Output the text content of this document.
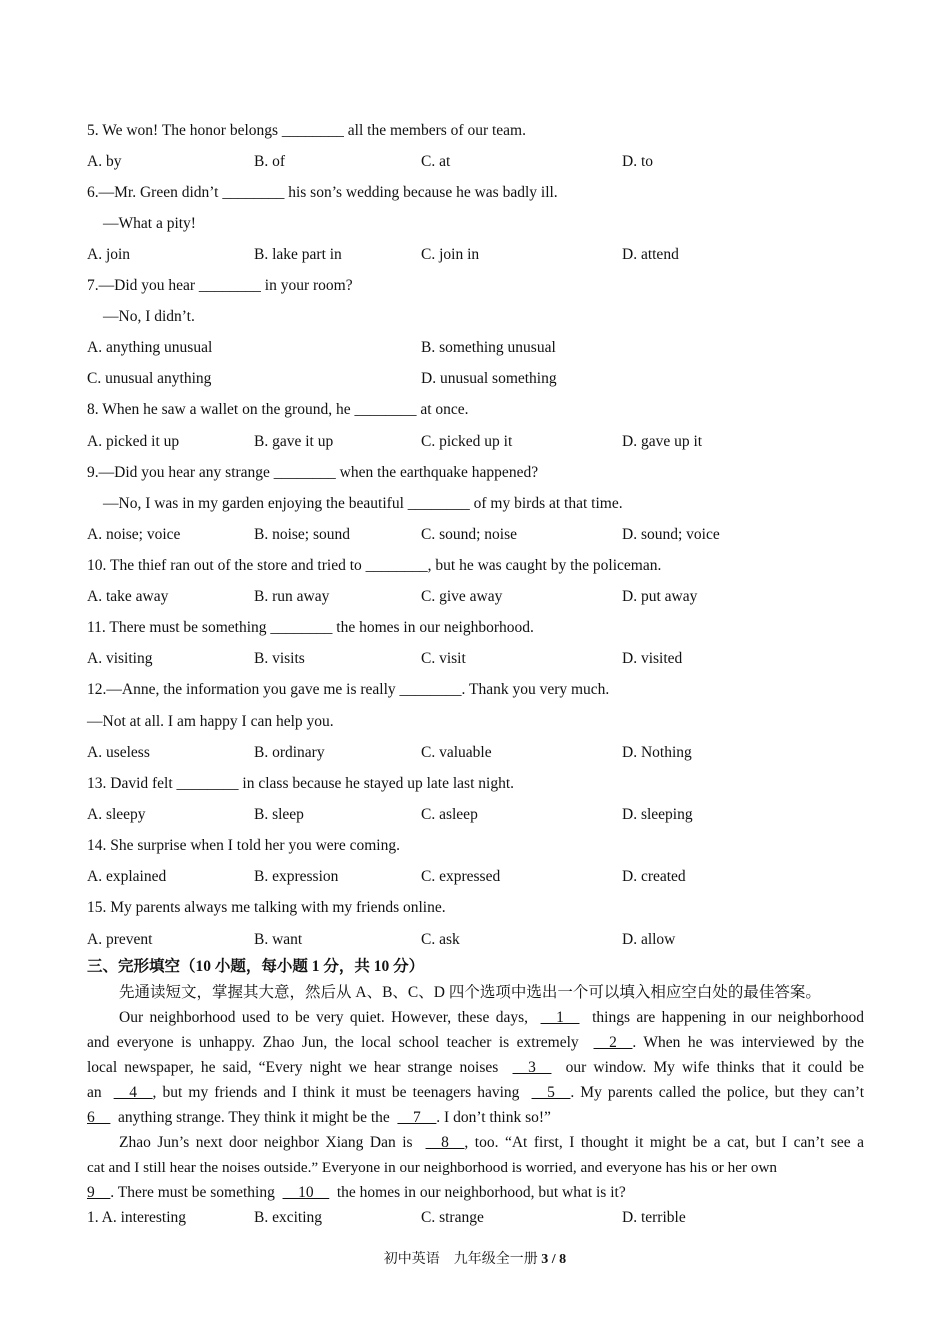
5. We won! The honor belongs ________ all the members of our team.
A. by	B. of	C. at	D. to
6.—Mr. Green didn’t ________ his son’s wedding because he was badly ill.
—What a pity!
A. join	B. lake part in	C. join in	D. attend
7.—Did you hear ________ in your room?
—No, I didn’t.
A. anything unusual	B. something unusual
C. unusual anything	D. unusual something
8. When he saw a wallet on the ground, he ________ at once.
A. picked it up	B. gave it up	C. picked up it	D. gave up it
9.—Did you hear any strange ________ when the earthquake happened?
—No, I was in my garden enjoying the beautiful ________ of my birds at that time.
A. noise; voice	B. noise; sound	C. sound; noise	D. sound; voice
10. The thief ran out of the store and tried to ________, but he was caught by the policeman.
A. take away	B. run away	C. give away	D. put away
11. There must be something ________ the homes in our neighborhood.
A. visiting	B. visits	C. visit	D. visited
12.—Anne, the information you gave me is really ________. Thank you very much.
—Not at all. I am happy I can help you.
A. useless	B. ordinary	C. valuable	D. Nothing
13. David felt ________ in class because he stayed up late last night.
A. sleepy	B. sleep	C. asleep	D. sleeping
14. She surprise when I told her you were coming.
A. explained	B. expression	C. expressed	D. created
15. My parents always me talking with my friends online.
A. prevent	B. want	C. ask	D. allow
三、完形填空（10 小题，每小题 1 分，共 10 分）
先通读短文，掌握其大意，然后从 A、B、C、D 四个选项中选出一个可以填入相应空白处的最佳答案。
Our neighborhood used to be very quiet. However, these days, __1__ things are happening in our neighborhood
and everyone is unhappy. Zhao Jun, the local school teacher is extremely __2__. When he was interviewed by the
local newspaper, he said, “Every night we hear strange noises __3__ our window. My wife thinks that it could be
an __4__, but my friends and I think it must be teenagers having __5__. My parents called the police, but they can’t
6__ anything strange. They think it might be the __7__. I don’t think so!”
Zhao Jun’s next door neighbor Xiang Dan is __8__, too. “At first, I thought it might be a cat, but I can’t see a
cat and I still hear the noises outside.” Everyone in our neighborhood is worried, and everyone has his or her own
9__. There must be something __10__ the homes in our neighborhood, but what is it?
1. A. interesting	B. exciting	C. strange	D. terrible
初中英语　九年级全一册 3 / 8
